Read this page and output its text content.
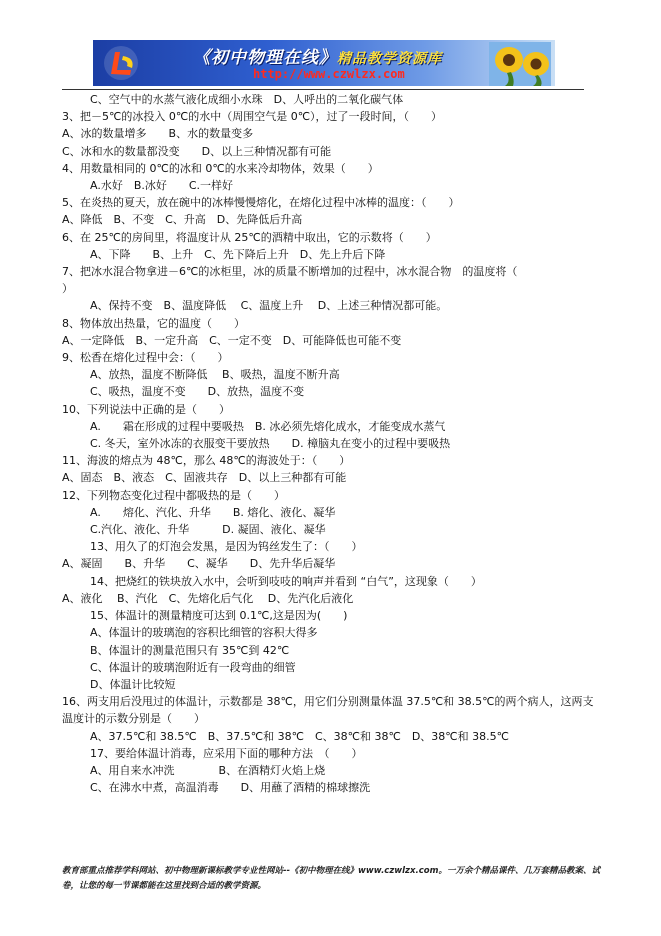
《初中物理在线》精品教学资源库
http://www.czwlzx.com
C、空气中的水蒸气液化成细小水珠　D、人呼出的二氧化碳气体
3、把－5℃的冰投入 0℃的水中（周围空气是 0℃），过了一段时间，（　　）
A、冰的数量增多　　B、水的数量变多
C、冰和水的数量都没变　　D、以上三种情况都有可能
4、用数量相同的 0℃的冰和 0℃的水来冷却物体，效果（　　）
A.水好　B.冰好　　C.一样好
5、在炎热的夏天，放在碗中的冰棒慢慢熔化，在熔化过程中冰棒的温度：（　　）
A、降低　B、不变　C、升高　D、先降低后升高
6、在 25℃的房间里，将温度计从 25℃的酒精中取出，它的示数将（　　）
A、下降　　B、上升　C、先下降后上升　D、先上升后下降
7、把冰水混合物拿进－6℃的冰柜里，冰的质量不断增加的过程中，冰水混合物　的温度将（
）
A、保持不变　B、温度降低　 C、温度上升　 D、上述三种情况都可能。
8、物体放出热量，它的温度（　　）
A、一定降低　B、一定升高　C、一定不变　D、可能降低也可能不变
9、松香在熔化过程中会：（　　）
A、放热，温度不断降低　 B、吸热，温度不断升高
C、吸热，温度不变　　D、放热，温度不变
10、下列说法中正确的是（　　）
A.　　霜在形成的过程中要吸热　B. 冰必须先熔化成水，才能变成水蒸气
C. 冬天，室外冰冻的衣服变干要放热　　D. 樟脑丸在变小的过程中要吸热
11、海波的熔点为 48℃，那么 48℃的海波处于：（　　）
A、固态　B、液态　C、固液共存　D、以上三种都有可能
12、下列物态变化过程中都吸热的是（　　）
A.　　熔化、汽化、升华　　B. 熔化、液化、凝华
C.汽化、液化、升华　　　D. 凝固、液化、凝华
13、用久了的灯泡会发黑，是因为钨丝发生了：（　　）
A、凝固　　B、升华　　C、凝华　　D、先升华后凝华
14、把烧红的铁块放入水中，会听到吱吱的响声并看到 “白气”，这现象（　　）
A、液化　 B、汽化　C、先熔化后气化　 D、先汽化后液化
15、体温计的测量精度可达到 0.1℃,这是因为(　　)
A、体温计的玻璃泡的容积比细管的容积大得多
B、体温计的测量范围只有 35℃到 42℃
C、体温计的玻璃泡附近有一段弯曲的细管
D、体温计比较短
16、两支用后没甩过的体温计，示数都是 38℃，用它们分别测量体温 37.5℃和 38.5℃的两个病人，这两支温度计的示数分别是（　　）
A、37.5℃和 38.5℃　B、37.5℃和 38℃　C、38℃和 38℃　D、38℃和 38.5℃
17、要给体温计消毒，应采用下面的哪种方法　（　　）
A、用自来水冲洗　　　　B、在酒精灯火焰上烧
C、在沸水中煮，高温消毒　　D、用蘸了酒精的棉球擦洗
教育部重点推荐学科网站、初中物理新课标教学专业性网站--《初中物理在线》www.czwlzx.com。一万余个精品课件、几万套精品教案、试卷，让您的每一节课都能在这里找到合适的教学资源。
